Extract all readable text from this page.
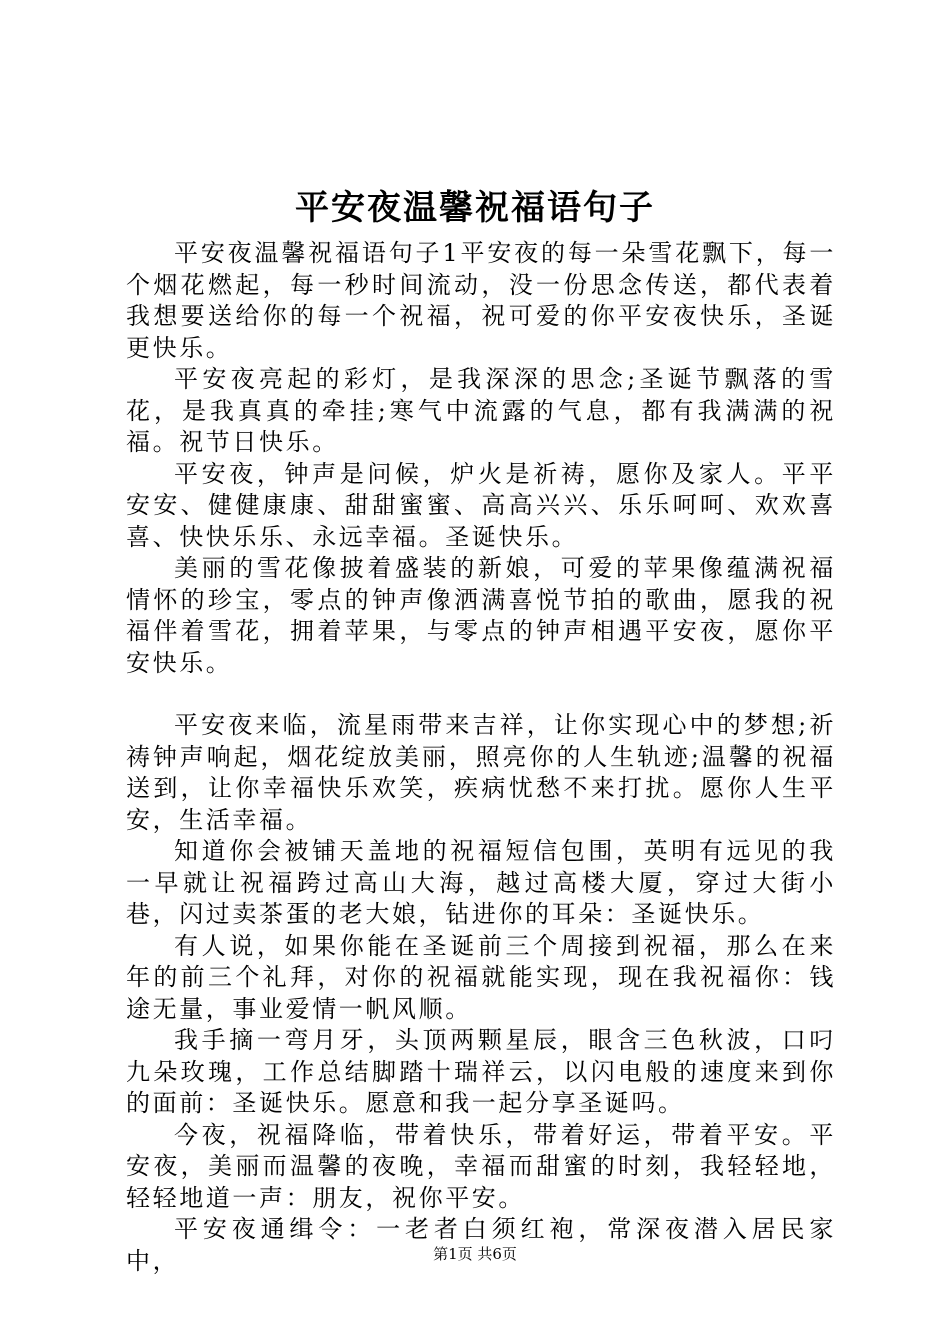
平安夜温馨祝福语句子

平安夜温馨祝福语句子1平安夜的每一朵雪花飘下，每一个烟花燃起，每一秒时间流动，没一份思念传送，都代表着我想要送给你的每一个祝福，祝可爱的你平安夜快乐，圣诞更快乐。

平安夜亮起的彩灯，是我深深的思念;圣诞节飘落的雪花，是我真真的牵挂;寒气中流露的气息，都有我满满的祝福。祝节日快乐。

平安夜，钟声是问候，炉火是祈祷，愿你及家人。平平安安、健健康康、甜甜蜜蜜、高高兴兴、乐乐呵呵、欢欢喜喜、快快乐乐、永远幸福。圣诞快乐。

美丽的雪花像披着盛装的新娘，可爱的苹果像蕴满祝福情怀的珍宝，零点的钟声像洒满喜悦节拍的歌曲，愿我的祝福伴着雪花，拥着苹果，与零点的钟声相遇平安夜，愿你平安快乐。

平安夜来临，流星雨带来吉祥，让你实现心中的梦想;祈祷钟声响起，烟花绽放美丽，照亮你的人生轨迹;温馨的祝福送到，让你幸福快乐欢笑，疾病忧愁不来打扰。愿你人生平安，生活幸福。

知道你会被铺天盖地的祝福短信包围，英明有远见的我一早就让祝福跨过高山大海，越过高楼大厦，穿过大街小巷，闪过卖茶蛋的老大娘，钻进你的耳朵：圣诞快乐。

有人说，如果你能在圣诞前三个周接到祝福，那么在来年的前三个礼拜，对你的祝福就能实现，现在我祝福你：钱途无量，事业爱情一帆风顺。

我手摘一弯月牙，头顶两颗星辰，眼含三色秋波，口叼九朵玫瑰，工作总结脚踏十瑞祥云，以闪电般的速度来到你的面前：圣诞快乐。愿意和我一起分享圣诞吗。

今夜，祝福降临，带着快乐，带着好运，带着平安。平安夜，美丽而温馨的夜晚，幸福而甜蜜的时刻，我轻轻地，轻轻地道一声：朋友，祝你平安。

平安夜通缉令：一老者白须红袍，常深夜潜入居民家中，	第1页 共6页
